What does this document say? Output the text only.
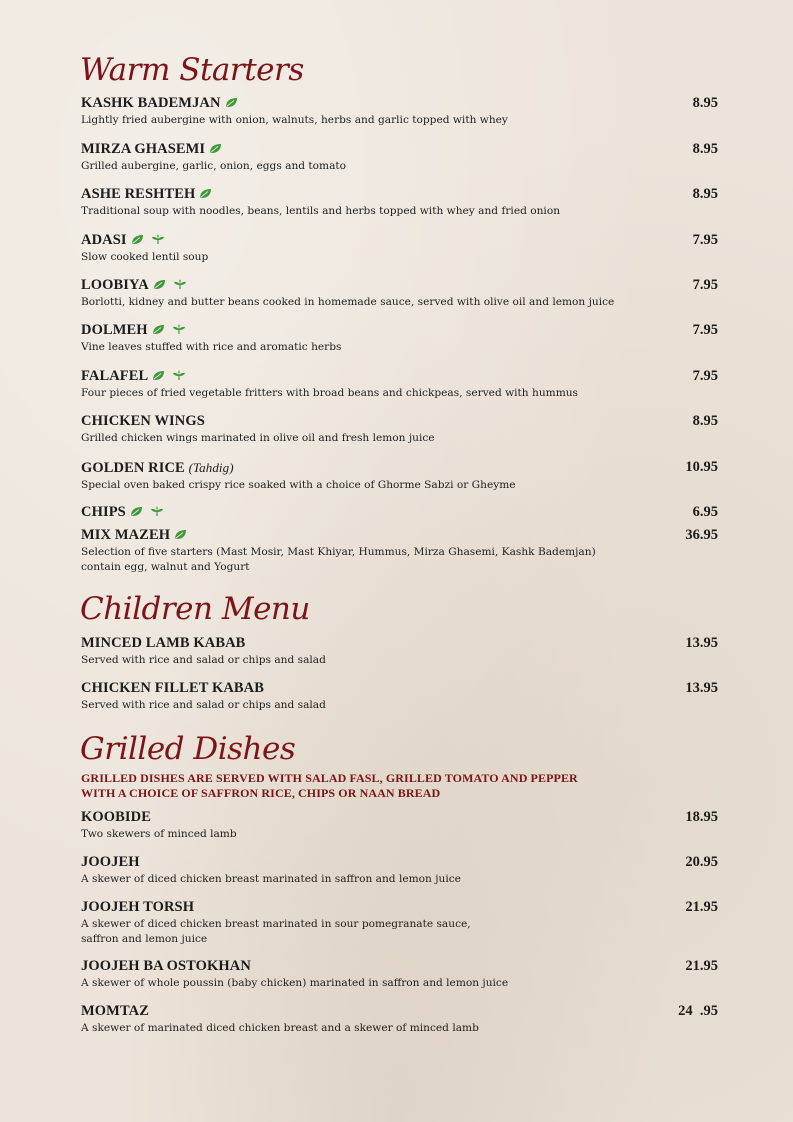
Warm Starters
KASHK BADEMJAN	8.95
Lightly fried aubergine with onion, walnuts, herbs and garlic topped with whey
MIRZA GHASEMI	8.95
Grilled aubergine, garlic, onion, eggs and tomato
ASHE RESHTEH	8.95
Traditional soup with noodles, beans, lentils and herbs topped with whey and fried onion
ADASI	7.95
Slow cooked lentil soup
LOOBIYA	7.95
Borlotti, kidney and butter beans cooked in homemade sauce, served with olive oil and lemon juice
DOLMEH	7.95
Vine leaves stuffed with rice and aromatic herbs
FALAFEL	7.95
Four pieces of fried vegetable fritters with broad beans and chickpeas, served with hummus
CHICKEN WINGS	8.95
Grilled chicken wings marinated in olive oil and fresh lemon juice
GOLDEN RICE (Tahdig)	10.95
Special oven baked crispy rice soaked with a choice of Ghorme Sabzi or Gheyme
CHIPS	6.95
MIX MAZEH	36.95
Selection of five starters (Mast Mosir, Mast Khiyar, Hummus, Mirza Ghasemi, Kashk Bademjan)
contain egg, walnut and Yogurt
Children Menu
MINCED LAMB KABAB	13.95
Served with rice and salad or chips and salad
CHICKEN FILLET KABAB	13.95
Served with rice and salad or chips and salad
Grilled Dishes
GRILLED DISHES ARE SERVED WITH SALAD FASL, GRILLED TOMATO AND PEPPER
WITH A CHOICE OF SAFFRON RICE, CHIPS OR NAAN BREAD
KOOBIDE	18.95
Two skewers of minced lamb
JOOJEH	20.95
A skewer of diced chicken breast marinated in saffron and lemon juice
JOOJEH TORSH	21.95
A skewer of diced chicken breast marinated in sour pomegranate sauce,
saffron and lemon juice
JOOJEH BA OSTOKHAN	21.95
A skewer of whole poussin (baby chicken) marinated in saffron and lemon juice
MOMTAZ	24  .95
A skewer of marinated diced chicken breast and a skewer of minced lamb
